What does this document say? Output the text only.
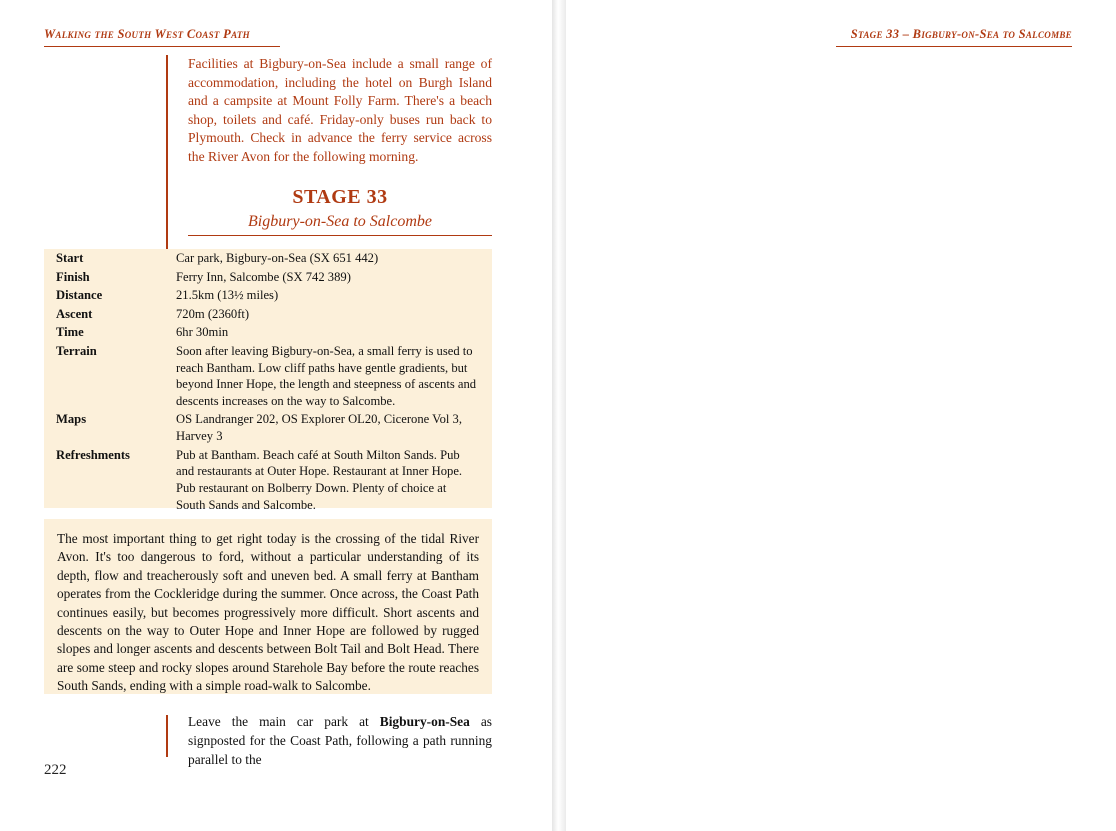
Walking the South West Coast Path
Facilities at Bigbury-on-Sea include a small range of accommodation, including the hotel on Burgh Island and a campsite at Mount Folly Farm. There's a beach shop, toilets and café. Friday-only buses run back to Plymouth. Check in advance the ferry service across the River Avon for the following morning.
STAGE 33
Bigbury-on-Sea to Salcombe
Start	Car park, Bigbury-on-Sea (SX 651 442)
Finish	Ferry Inn, Salcombe (SX 742 389)
Distance	21.5km (13½ miles)
Ascent	720m (2360ft)
Time	6hr 30min
Terrain	Soon after leaving Bigbury-on-Sea, a small ferry is used to reach Bantham. Low cliff paths have gentle gradients, but beyond Inner Hope, the length and steepness of ascents and descents increases on the way to Salcombe.
Maps	OS Landranger 202, OS Explorer OL20, Cicerone Vol 3, Harvey 3
Refreshments	Pub at Bantham. Beach café at South Milton Sands. Pub and restaurants at Outer Hope. Restaurant at Inner Hope. Pub restaurant on Bolberry Down. Plenty of choice at South Sands and Salcombe.

The most important thing to get right today is the crossing of the tidal River Avon. It's too dangerous to ford, without a particular understanding of its depth, flow and treacherously soft and uneven bed. A small ferry at Bantham operates from the Cockleridge during the summer. Once across, the Coast Path continues easily, but becomes progressively more difficult. Short ascents and descents on the way to Outer Hope and Inner Hope are followed by rugged slopes and longer ascents and descents between Bolt Tail and Bolt Head. There are some steep and rocky slopes around Starehole Bay before the route reaches South Sands, ending with a simple road-walk to Salcombe.

Leave the main car park at Bigbury-on-Sea as signposted for the Coast Path, following a path running parallel to the
222
Stage 33 – Bigbury-on-Sea to Salcombe
